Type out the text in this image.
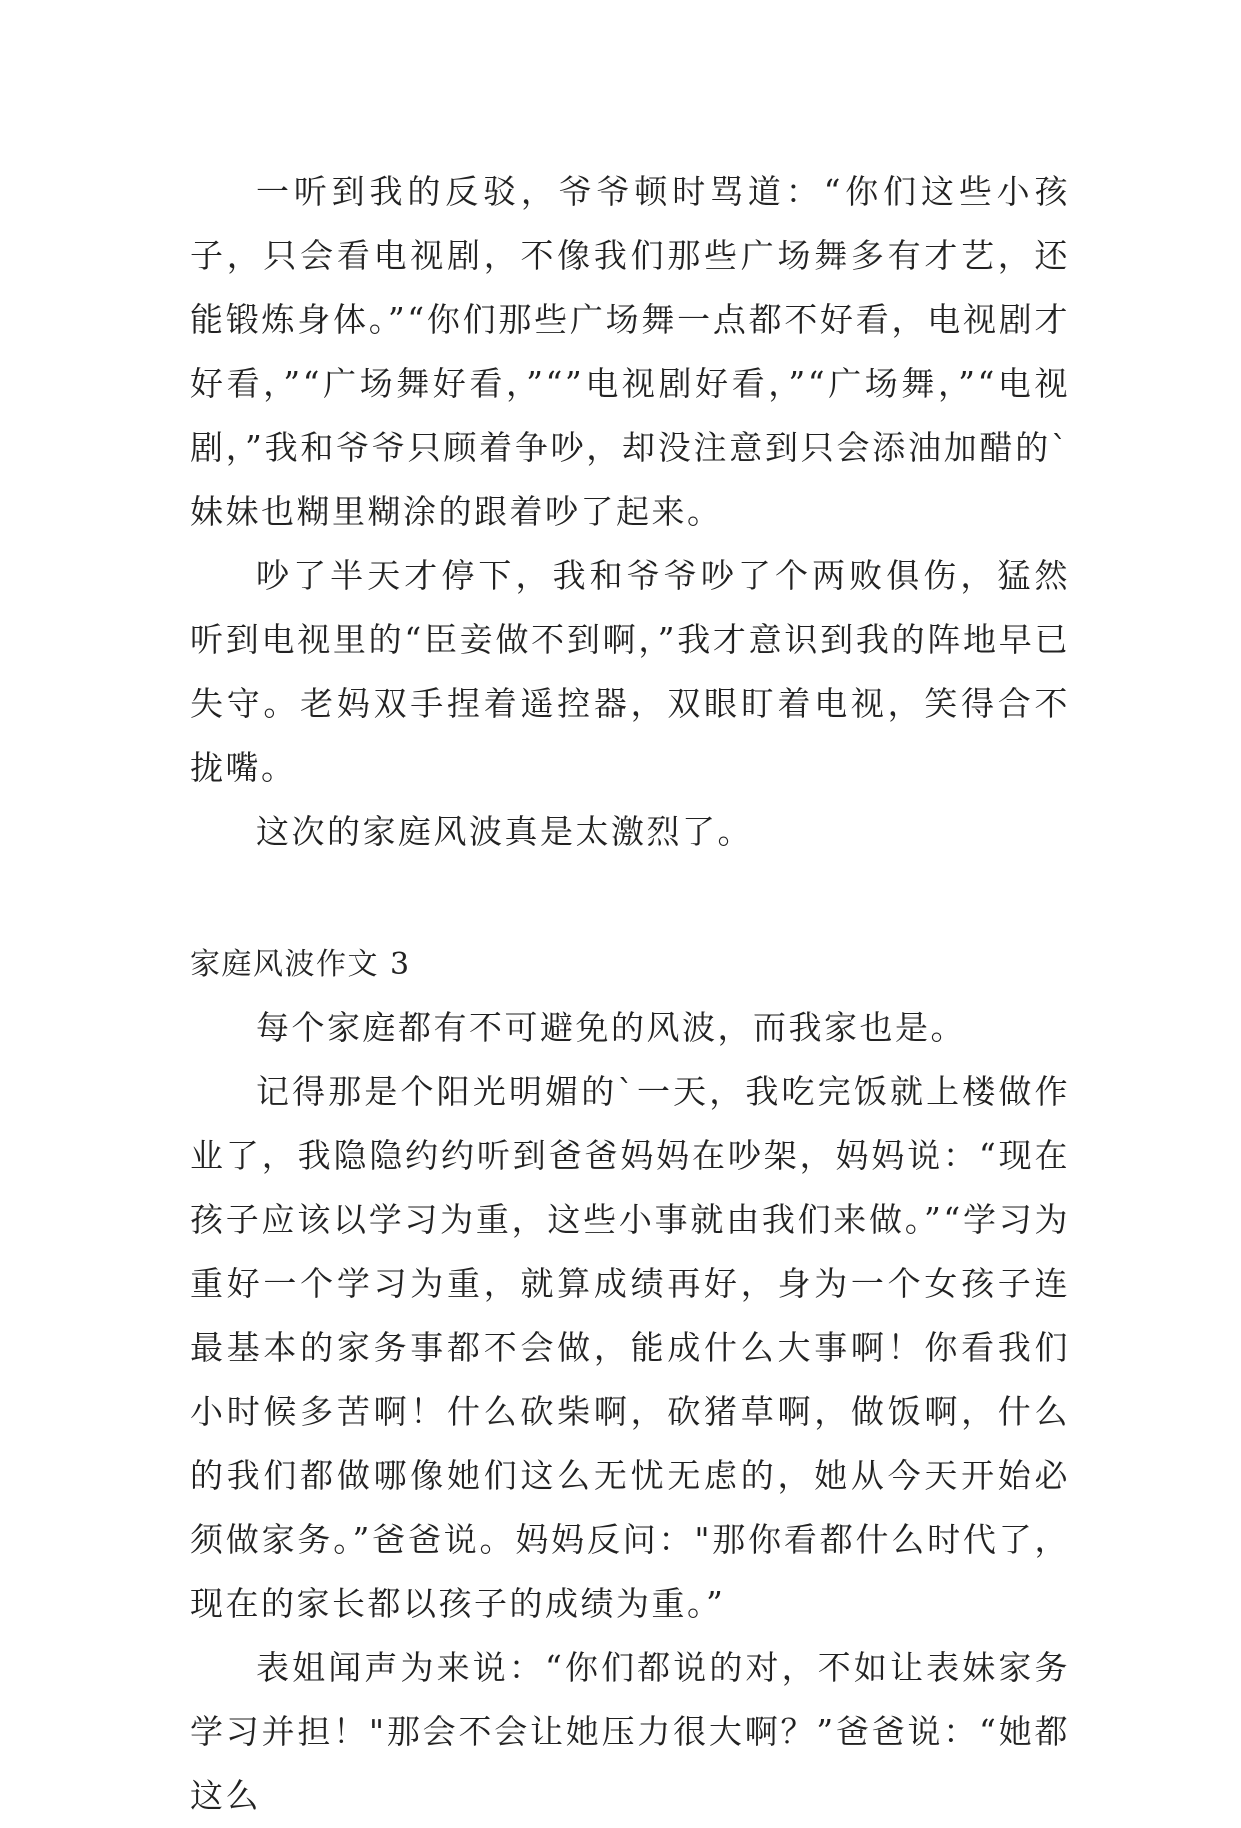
一听到我的反驳，爷爷顿时骂道：“你们这些小孩子，只会看电视剧，不像我们那些广场舞多有才艺，还能锻炼身体。”“你们那些广场舞一点都不好看，电视剧才好看，”“广场舞好看，”“”电视剧好看，”“广场舞，”“电视剧，”我和爷爷只顾着争吵，却没注意到只会添油加醋的`妹妹也糊里糊涂的跟着吵了起来。

吵了半天才停下，我和爷爷吵了个两败俱伤，猛然听到电视里的“臣妾做不到啊，”我才意识到我的阵地早已失守。老妈双手捏着遥控器，双眼盯着电视，笑得合不拢嘴。

这次的家庭风波真是太激烈了。

家庭风波作文 3

每个家庭都有不可避免的风波，而我家也是。

记得那是个阳光明媚的`一天，我吃完饭就上楼做作业了，我隐隐约约听到爸爸妈妈在吵架，妈妈说：“现在孩子应该以学习为重，这些小事就由我们来做。”“学习为重好一个学习为重，就算成绩再好，身为一个女孩子连最基本的家务事都不会做，能成什么大事啊！你看我们小时候多苦啊！什么砍柴啊，砍猪草啊，做饭啊，什么的我们都做哪像她们这么无忧无虑的，她从今天开始必须做家务。”爸爸说。妈妈反问："那你看都什么时代了，现在的家长都以孩子的成绩为重。”

表姐闻声为来说：“你们都说的对，不如让表妹家务学习并担！"那会不会让她压力很大啊？”爸爸说：“她都这么
